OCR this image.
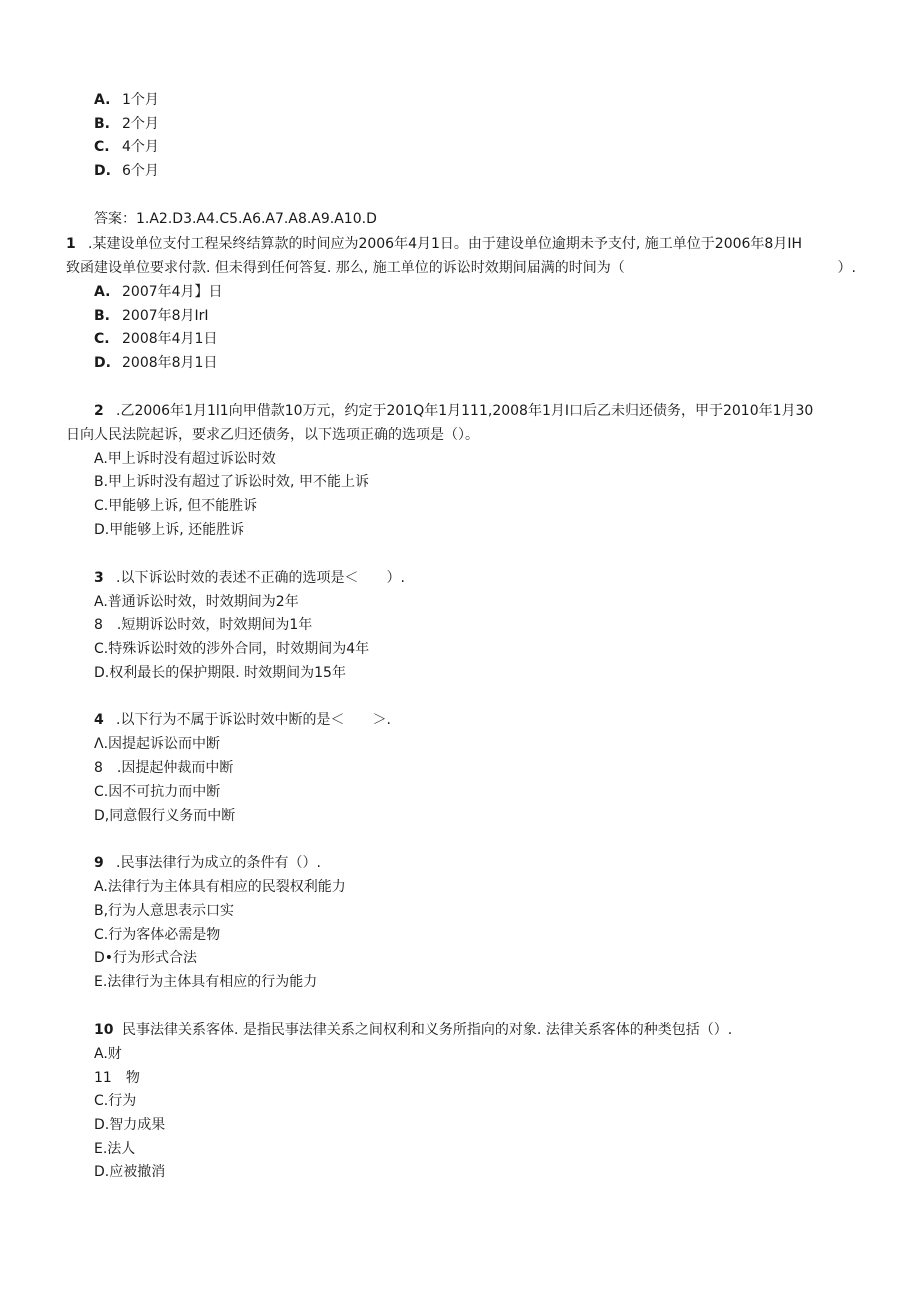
A. 1个月
B. 2个月
C. 4个月
D. 6个月
答案：1.A2.D3.A4.C5.A6.A7.A8.A9.A10.D
1 .某建设单位支付工程呆终结算款的时间应为2006年4月1日。由于建设单位逾期未予支付, 施工单位于2006年8月IH
致函建设单位要求付款. 但未得到任何答复. 那么, 施工单位的诉讼时效期间届满的时间为（	）.
A. 2007年4月】日
B. 2007年8月IrI
C. 2008年4月1日
D. 2008年8月1日
2 .乙2006年1月1l1向甲借款10万元，约定于201Q年1月111,2008年1月I口后乙未归还债务，甲于2010年1月30
日向人民法院起诉，要求乙归还债务，以下选项正确的选项是（）。
A.甲上诉时没有超过诉讼时效
B.甲上诉时没有超过了诉讼时效, 甲不能上诉
C.甲能够上诉, 但不能胜诉
D.甲能够上诉, 还能胜诉
3 .以下诉讼时效的表述不正确的选项是＜　　）.
A.普通诉讼时效，时效期间为2年
8　.短期诉讼时效，时效期间为1年
C.特殊诉讼时效的涉外合同，时效期间为4年
D.权利最长的保护期限. 时效期间为15年
4 .以下行为不属于诉讼时效中断的是＜　　＞.
Λ.因提起诉讼而中断
8　.因提起仲裁而中断
C.因不可抗力而中断
D,同意假行义务而中断
9 .民事法律行为成立的条件有（）.
A.法律行为主体具有相应的民裂权利能力
B,行为人意思表示口实
C.行为客体必需是物
D•行为形式合法
E.法律行为主体具有相应的行为能力
10 民事法律关系客体. 是指民事法律关系之间权利和义务所指向的对象. 法律关系客体的种类包括（）.
A.财
11　物
C.行为
D.智力成果
E.法人
D.应被撤消
